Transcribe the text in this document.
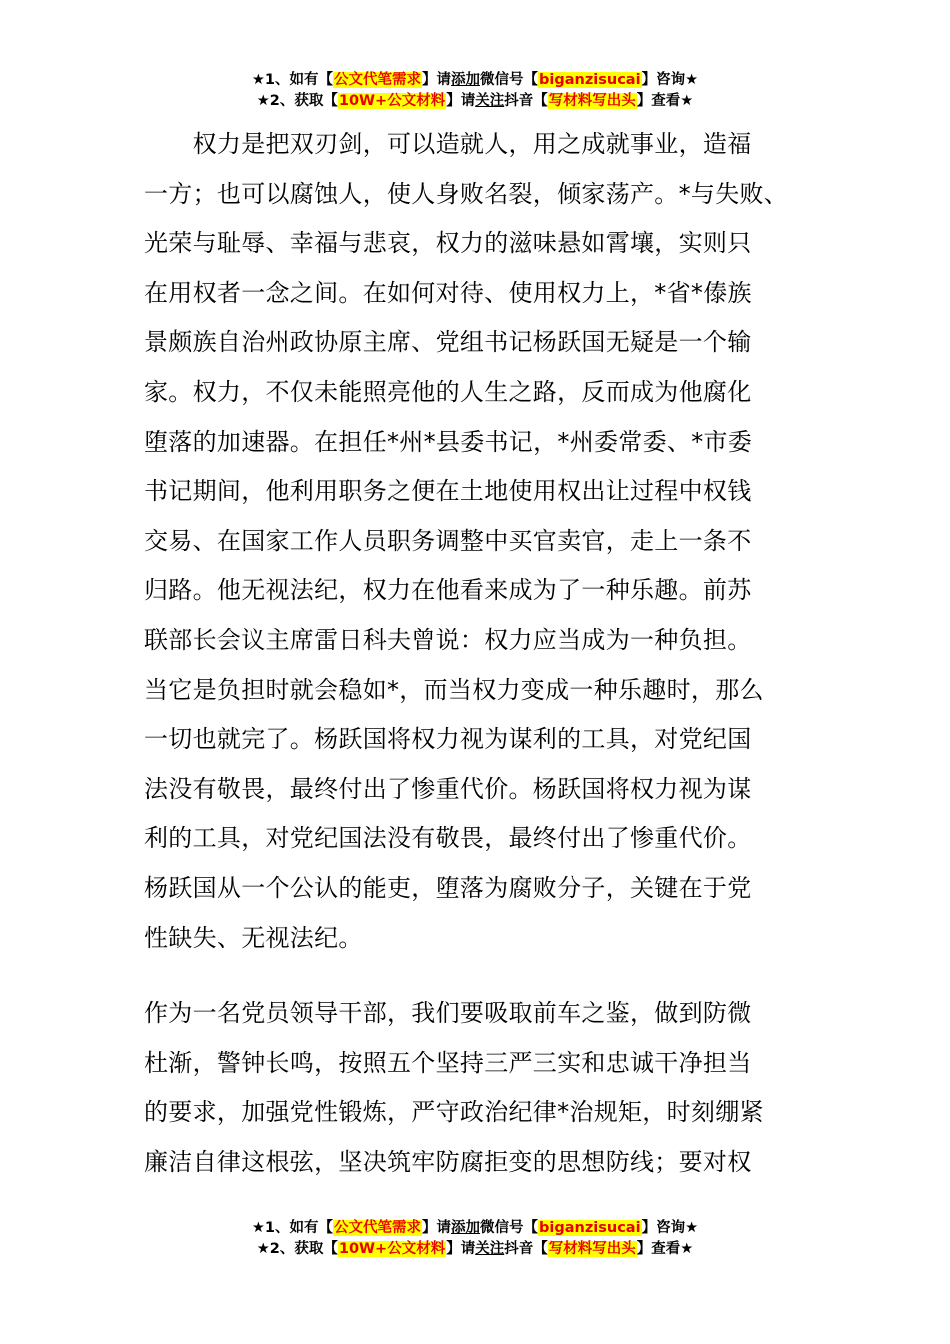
★1、如有【公文代笔需求】请添加微信号【biganzisucai】咨询★
★2、获取【10W+公文材料】请关注抖音【写材料写出头】查看★
　　权力是把双刃剑，可以造就人，用之成就事业，造福
一方；也可以腐蚀人，使人身败名裂，倾家荡产。*与失败、
光荣与耻辱、幸福与悲哀，权力的滋味悬如霄壤，实则只
在用权者一念之间。在如何对待、使用权力上，*省*傣族
景颇族自治州政协原主席、党组书记杨跃国无疑是一个输
家。权力，不仅未能照亮他的人生之路，反而成为他腐化
堕落的加速器。在担任*州*县委书记，*州委常委、*市委
书记期间，他利用职务之便在土地使用权出让过程中权钱
交易、在国家工作人员职务调整中买官卖官，走上一条不
归路。他无视法纪，权力在他看来成为了一种乐趣。前苏
联部长会议主席雷日科夫曾说：权力应当成为一种负担。
当它是负担时就会稳如*，而当权力变成一种乐趣时，那么
一切也就完了。杨跃国将权力视为谋利的工具，对党纪国
法没有敬畏，最终付出了惨重代价。杨跃国将权力视为谋
利的工具，对党纪国法没有敬畏，最终付出了惨重代价。
杨跃国从一个公认的能吏，堕落为腐败分子，关键在于党
性缺失、无视法纪。
作为一名党员领导干部，我们要吸取前车之鉴，做到防微
杜渐，警钟长鸣，按照五个坚持三严三实和忠诚干净担当
的要求，加强党性锻炼，严守政治纪律*治规矩，时刻绷紧
廉洁自律这根弦，坚决筑牢防腐拒变的思想防线；要对权
★1、如有【公文代笔需求】请添加微信号【biganzisucai】咨询★
★2、获取【10W+公文材料】请关注抖音【写材料写出头】查看★
